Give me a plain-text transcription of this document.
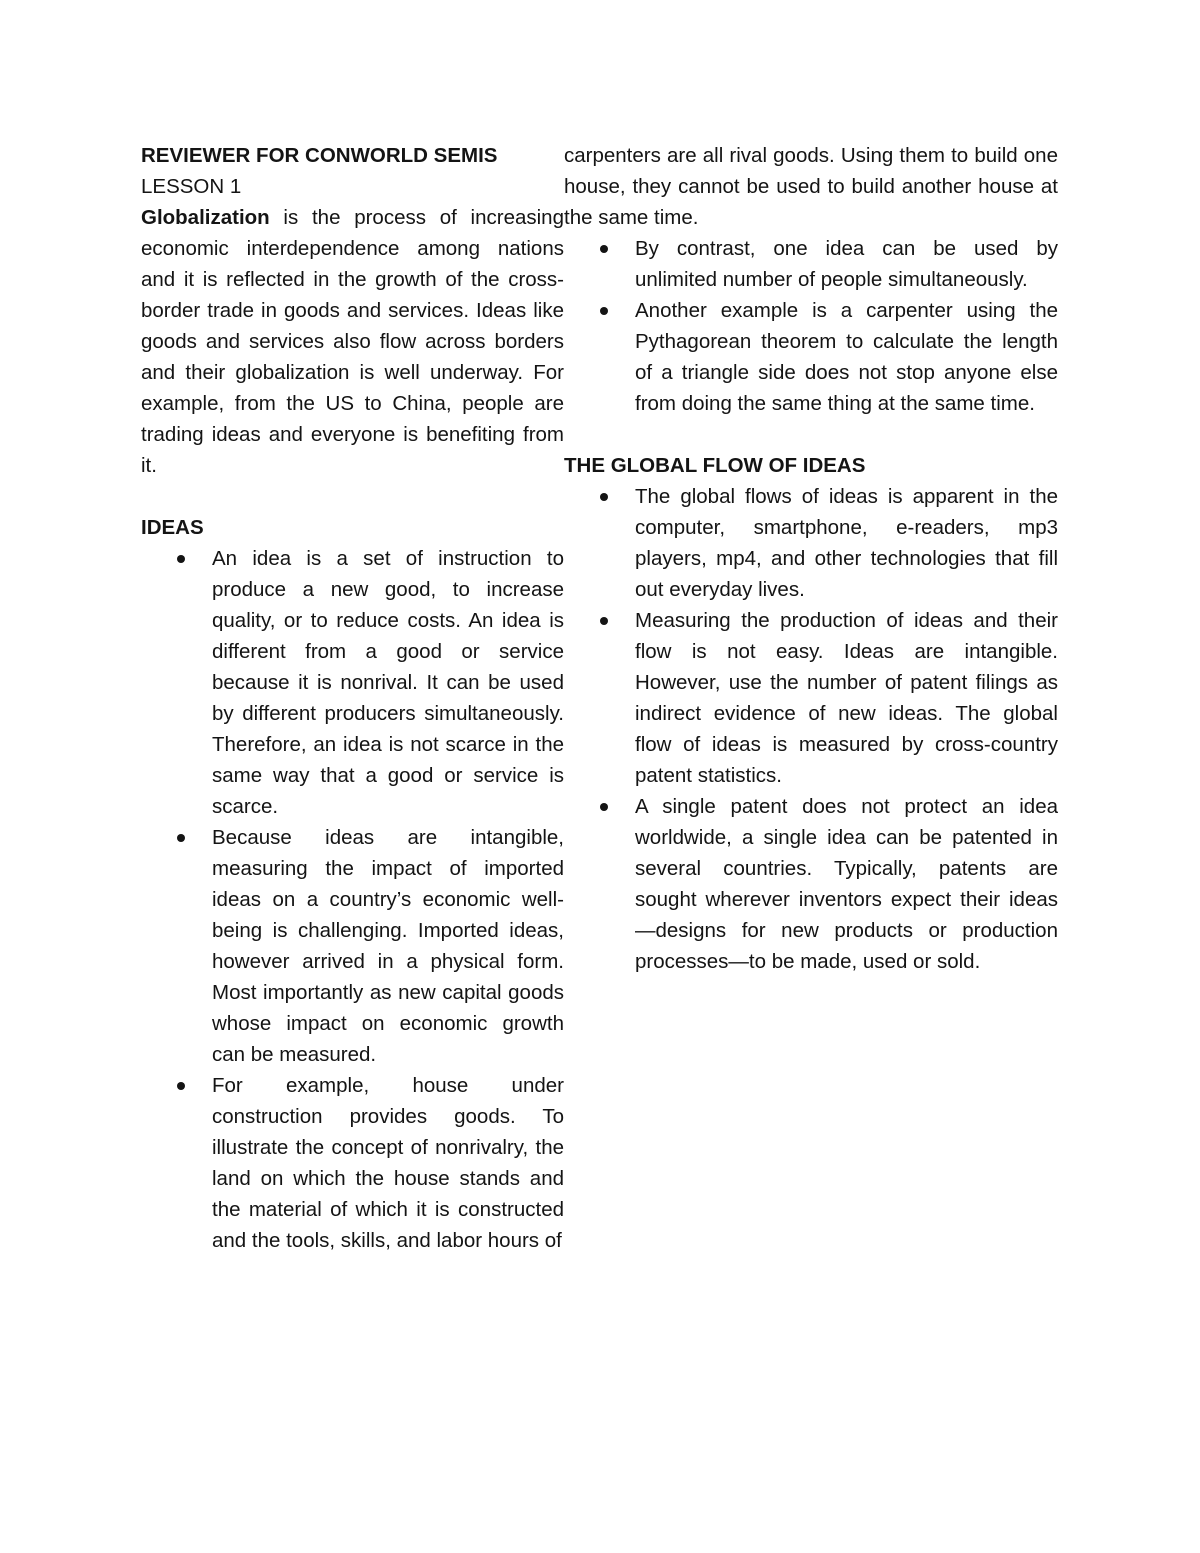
REVIEWER FOR CONWORLD SEMIS

LESSON 1

Globalization is the process of increasing economic interdependence among nations and it is reflected in the growth of the cross-border trade in goods and services. Ideas like goods and services also flow across borders and their globalization is well underway. For example, from the US to China, people are trading ideas and everyone is benefiting from it.

IDEAS

An idea is a set of instruction to produce a new good, to increase quality, or to reduce costs. An idea is different from a good or service because it is nonrival. It can be used by different producers simultaneously. Therefore, an idea is not scarce in the same way that a good or service is scarce.
Because ideas are intangible, measuring the impact of imported ideas on a country’s economic well-being is challenging. Imported ideas, however arrived in a physical form. Most importantly as new capital goods whose impact on economic growth can be measured.
For example, house under construction provides goods. To illustrate the concept of nonrivalry, the land on which the house stands and the material of which it is constructed and the tools, skills, and labor hours of

carpenters are all rival goods. Using them to build one house, they cannot be used to build another house at the same time.

By contrast, one idea can be used by unlimited number of people simultaneously.
Another example is a carpenter using the Pythagorean theorem to calculate the length of a triangle side does not stop anyone else from doing the same thing at the same time.

THE GLOBAL FLOW OF IDEAS

The global flows of ideas is apparent in the computer, smartphone, e-readers, mp3 players, mp4, and other technologies that fill out everyday lives.
Measuring the production of ideas and their flow is not easy. Ideas are intangible. However, use the number of patent filings as indirect evidence of new ideas. The global flow of ideas is measured by cross-country patent statistics.
A single patent does not protect an idea worldwide, a single idea can be patented in several countries. Typically, patents are sought wherever inventors expect their ideas—designs for new products or production processes—to be made, used or sold.
